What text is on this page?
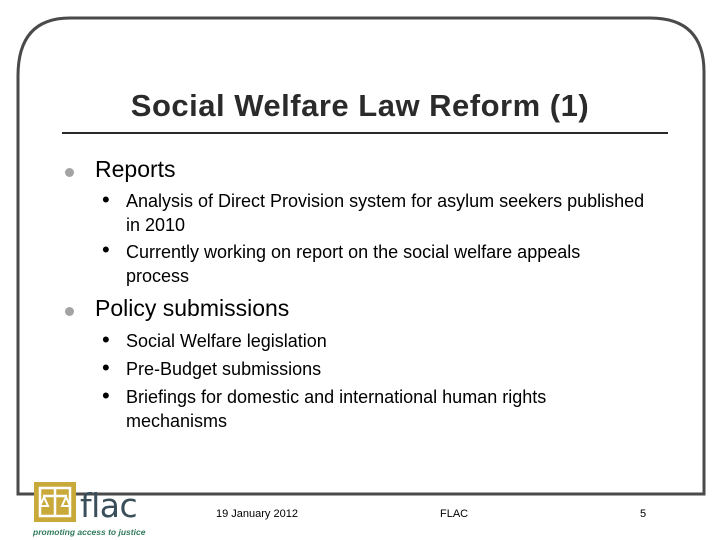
Social Welfare Law Reform (1)
Reports
• Analysis of Direct Provision system for asylum seekers published in 2010
• Currently working on report on the social welfare appeals process
Policy submissions
• Social Welfare legislation
• Pre-Budget submissions
• Briefings for domestic and international human rights mechanisms
flac
promoting access to justice
19 January 2012	FLAC	5
